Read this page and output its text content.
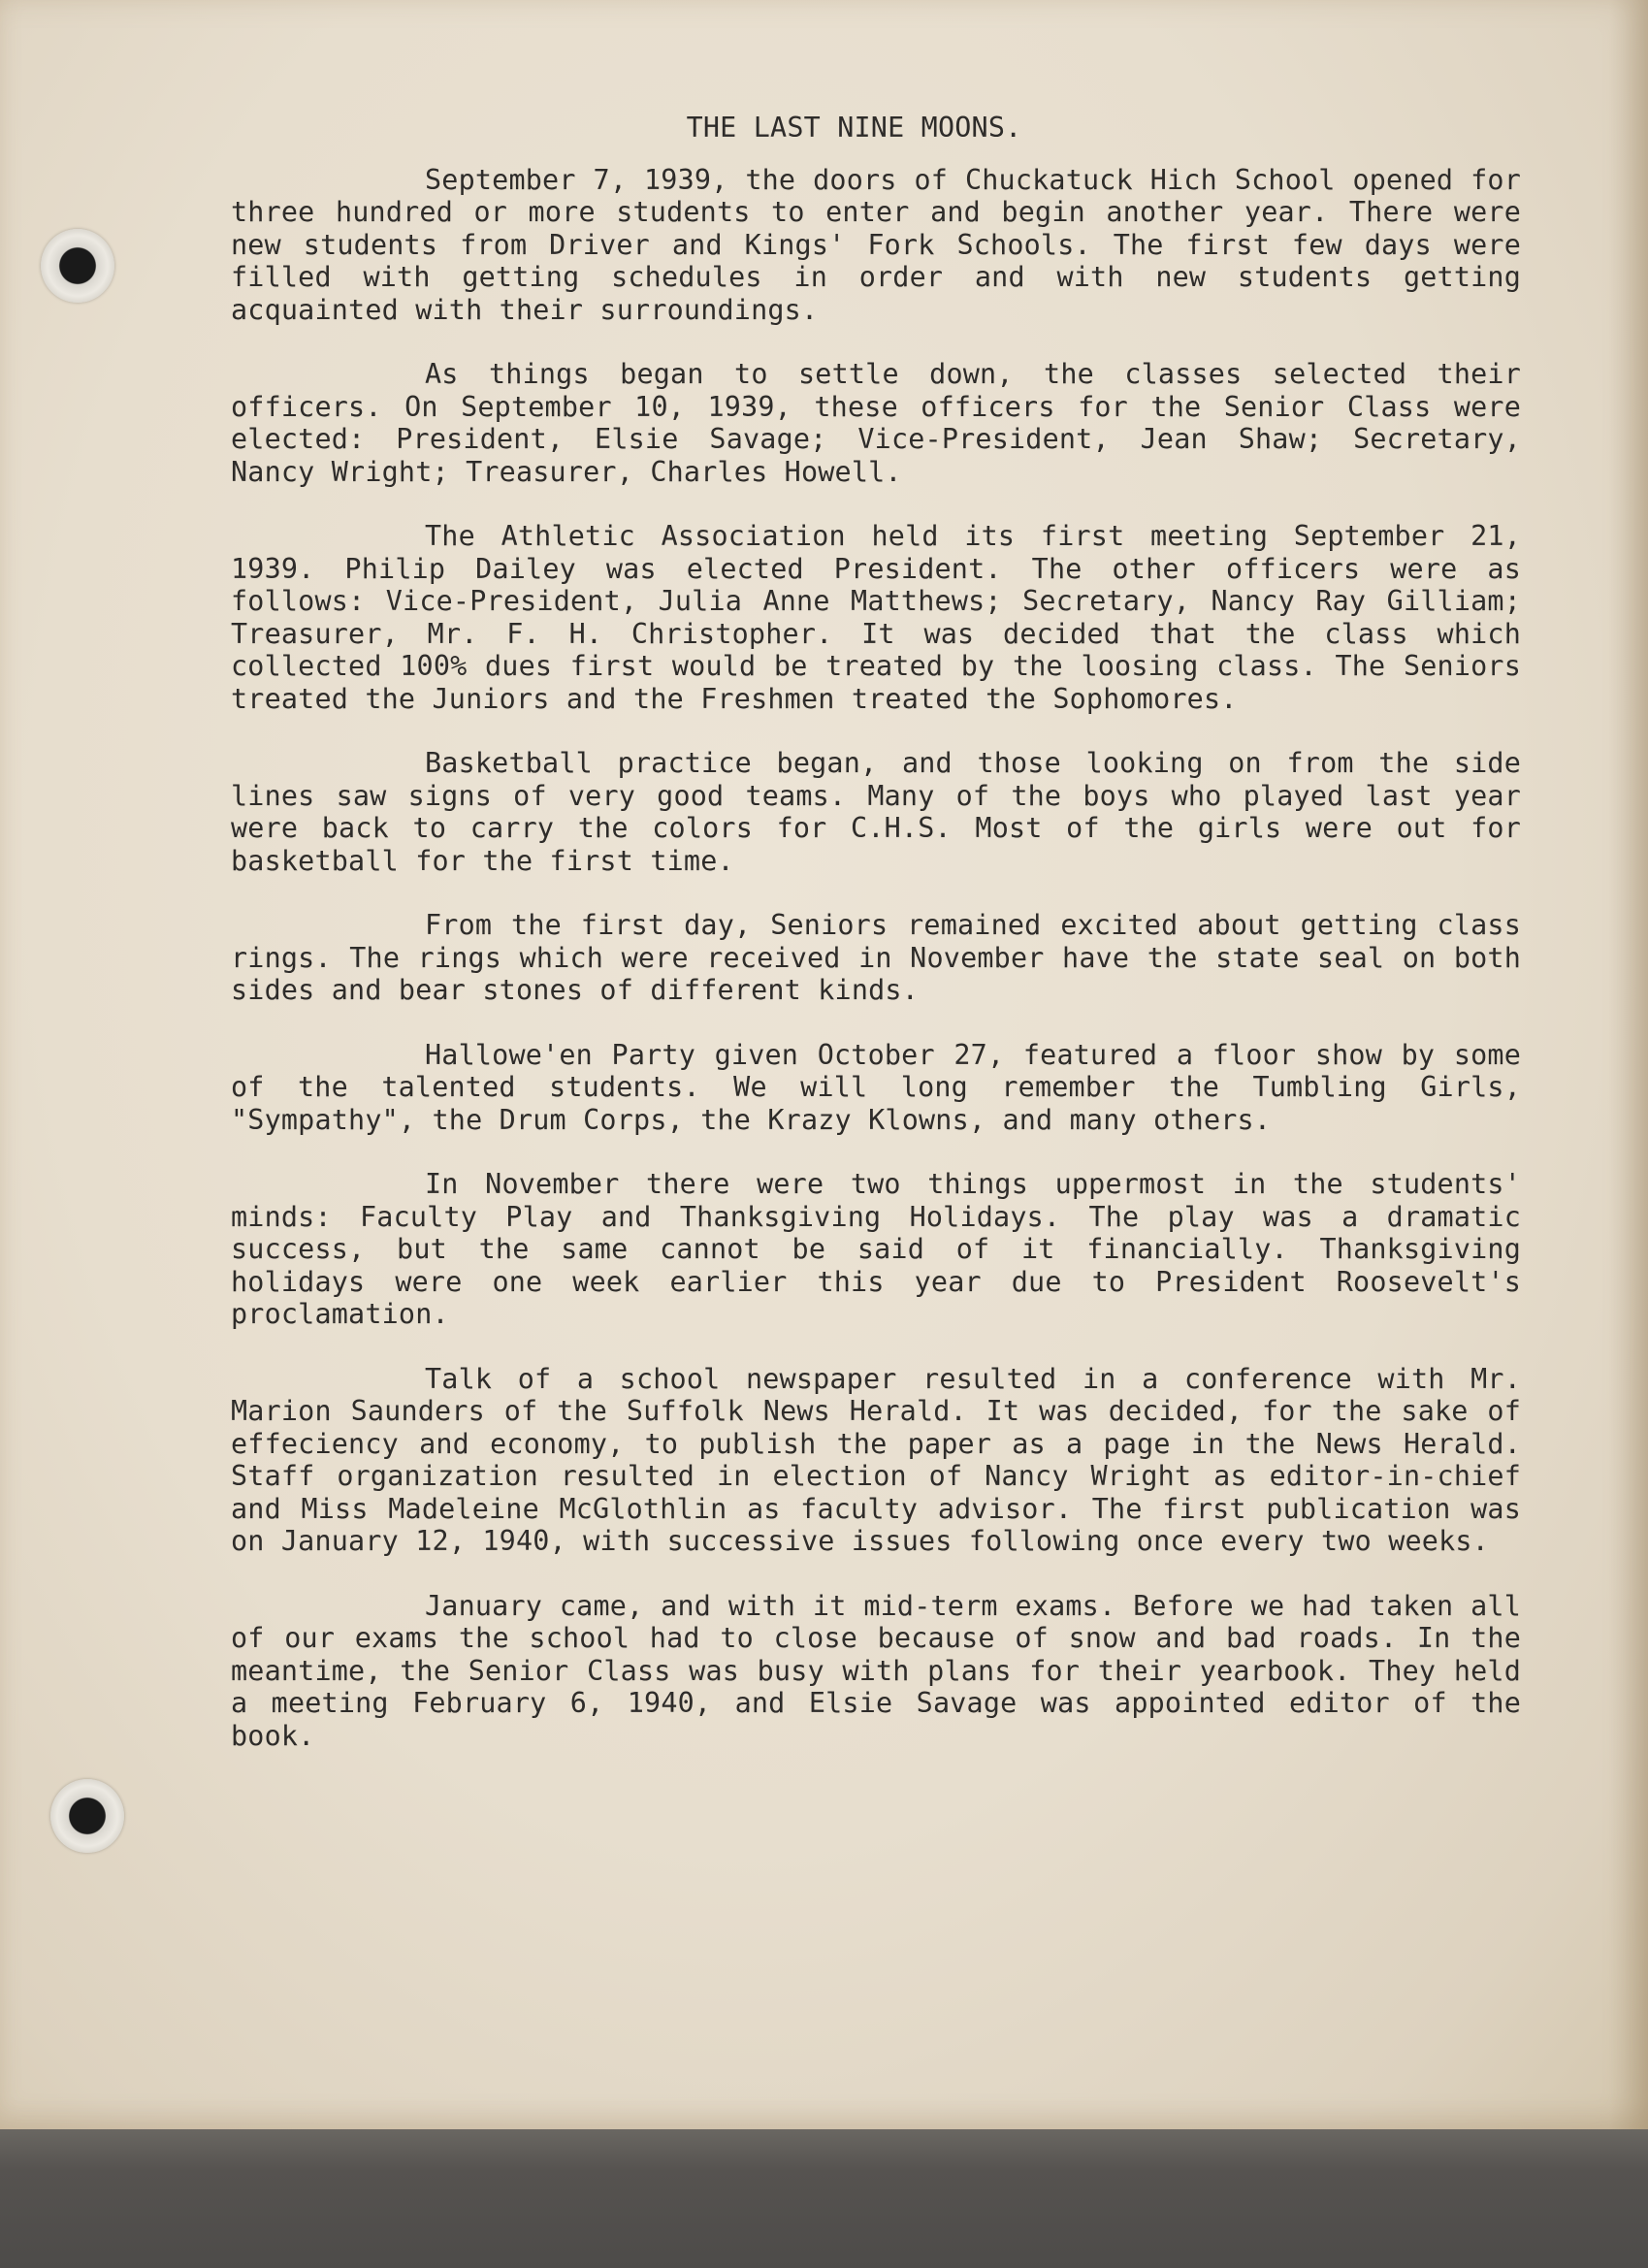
THE LAST NINE MOONS.

September 7, 1939, the doors of Chuckatuck Hich School opened for three hundred or more students to enter and begin another year. There were new students from Driver and Kings' Fork Schools. The first few days were filled with getting schedules in order and with new students getting acquainted with their surroundings.

As things began to settle down, the classes selected their officers. On September 10, 1939, these officers for the Senior Class were elected: President, Elsie Savage; Vice-President, Jean Shaw; Secretary, Nancy Wright; Treasurer, Charles Howell.

The Athletic Association held its first meeting September 21, 1939. Philip Dailey was elected President. The other officers were as follows: Vice-President, Julia Anne Matthews; Secretary, Nancy Ray Gilliam; Treasurer, Mr. F. H. Christopher. It was decided that the class which collected 100% dues first would be treated by the loosing class. The Seniors treated the Juniors and the Freshmen treated the Sophomores.

Basketball practice began, and those looking on from the side lines saw signs of very good teams. Many of the boys who played last year were back to carry the colors for C.H.S. Most of the girls were out for basketball for the first time.

From the first day, Seniors remained excited about getting class rings. The rings which were received in November have the state seal on both sides and bear stones of different kinds.

Hallowe'en Party given October 27, featured a floor show by some of the talented students. We will long remember the Tumbling Girls, "Sympathy", the Drum Corps, the Krazy Klowns, and many others.

In November there were two things uppermost in the students' minds: Faculty Play and Thanksgiving Holidays. The play was a dramatic success, but the same cannot be said of it financially. Thanksgiving holidays were one week earlier this year due to President Roosevelt's proclamation.

Talk of a school newspaper resulted in a conference with Mr. Marion Saunders of the Suffolk News Herald. It was decided, for the sake of effeciency and economy, to publish the paper as a page in the News Herald. Staff organization resulted in election of Nancy Wright as editor-in-chief and Miss Madeleine McGlothlin as faculty advisor. The first publication was on January 12, 1940, with successive issues following once every two weeks.

January came, and with it mid-term exams. Before we had taken all of our exams the school had to close because of snow and bad roads. In the meantime, the Senior Class was busy with plans for their yearbook. They held a meeting February 6, 1940, and Elsie Savage was appointed editor of the book.
